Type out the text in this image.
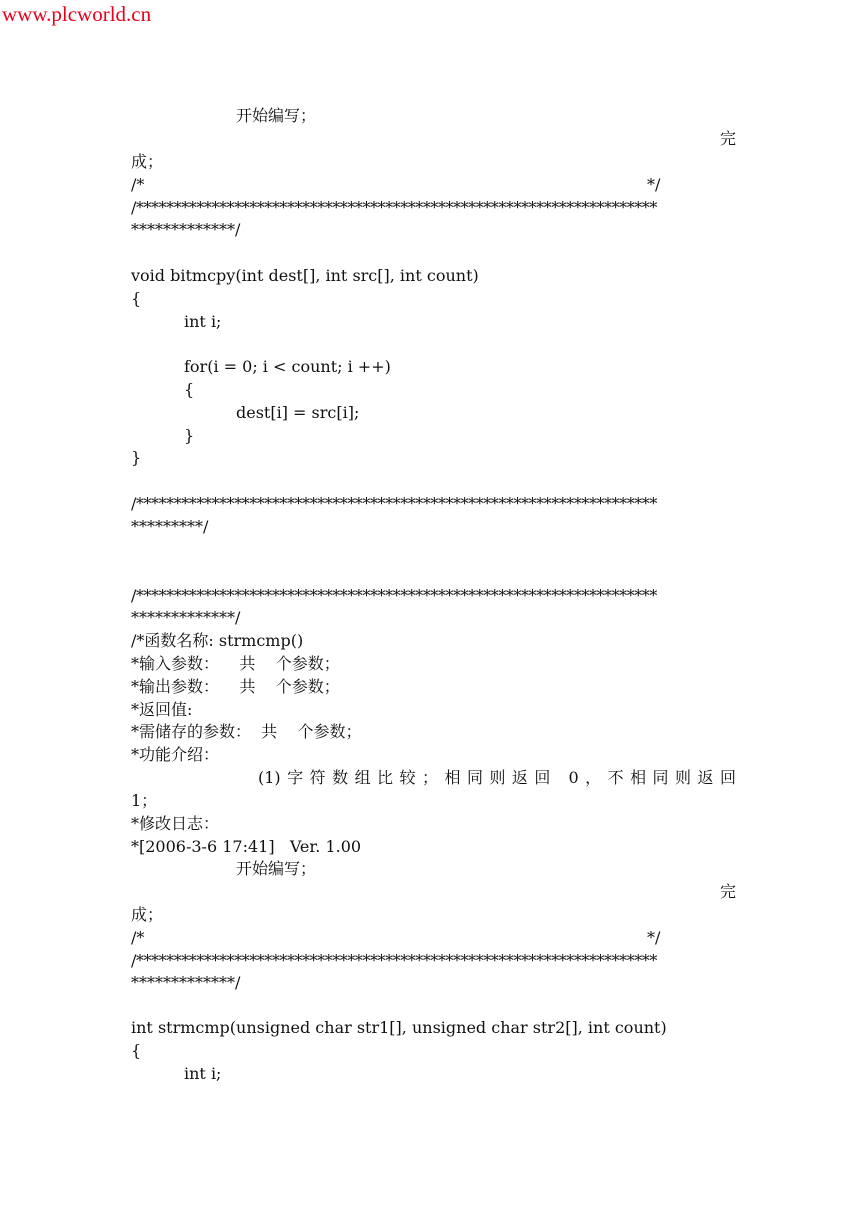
www.plcworld.cn
开始编写；
完
成；
/*	*/
/*********************************************************************
*************/
void bitmcpy(int dest[], int src[], int count)
{
int i;
for(i = 0; i < count; i ++)
{
dest[i] = src[i];
}
}
/*********************************************************************
*********/
/*********************************************************************
*************/
/*函数名称: strmcmp()
*输入参数：    共    个参数；
*输出参数：    共    个参数；
*返回值:
*需储存的参数：  共    个参数；
*功能介绍：
(1)字符数组比较；相同则返回 0，不相同则返回
1；
*修改日志：
*[2006-3-6 17:41]   Ver. 1.00
开始编写；
完
成；
/*	*/
/*********************************************************************
*************/
int strmcmp(unsigned char str1[], unsigned char str2[], int count)
{
int i;
